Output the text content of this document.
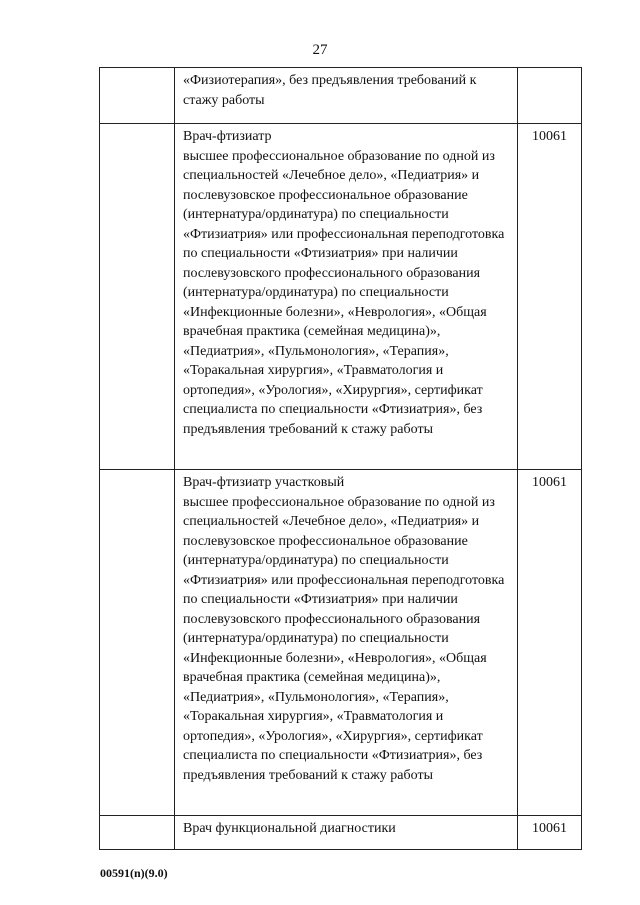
27
	«Физиотерапия», без предъявления требований к стажу работы	

	Врач-фтизиатр
высшее профессиональное образование по одной из специальностей «Лечебное дело», «Педиатрия» и послевузовское профессиональное образование (интернатура/ординатура) по специальности «Фтизиатрия» или профессиональная переподготовка по специальности «Фтизиатрия» при наличии послевузовского профессионального образования (интернатура/ординатура) по специальности «Инфекционные болезни», «Неврология», «Общая врачебная практика (семейная медицина)», «Педиатрия», «Пульмонология», «Терапия», «Торакальная хирургия», «Травматология и ортопедия», «Урология», «Хирургия», сертификат специалиста по специальности «Фтизиатрия», без предъявления требований к стажу работы	10061

	Врач-фтизиатр участковый
высшее профессиональное образование по одной из специальностей «Лечебное дело», «Педиатрия» и послевузовское профессиональное образование (интернатура/ординатура) по специальности «Фтизиатрия» или профессиональная переподготовка по специальности «Фтизиатрия» при наличии послевузовского профессионального образования (интернатура/ординатура) по специальности «Инфекционные болезни», «Неврология», «Общая врачебная практика (семейная медицина)», «Педиатрия», «Пульмонология», «Терапия», «Торакальная хирургия», «Травматология и ортопедия», «Урология», «Хирургия», сертификат специалиста по специальности «Фтизиатрия», без предъявления требований к стажу работы	10061

	Врач функциональной диагностики	10061
00591(n)(9.0)
